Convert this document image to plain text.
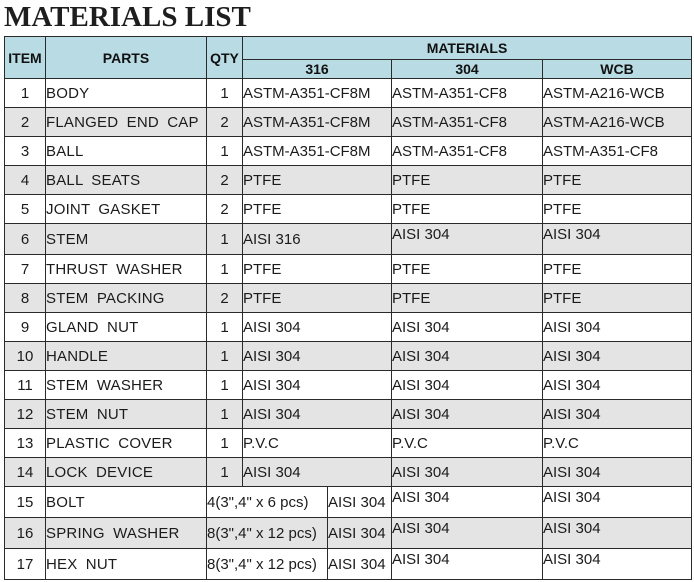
MATERIALS LIST
ITEM	PARTS	QTY	MATERIALS			
			316		304	WCB
1	BODY	1	ASTM-A351-CF8M		ASTM-A351-CF8	ASTM-A216-WCB
2	FLANGED END CAP	2	ASTM-A351-CF8M		ASTM-A351-CF8	ASTM-A216-WCB
3	BALL	1	ASTM-A351-CF8M		ASTM-A351-CF8	ASTM-A351-CF8
4	BALL SEATS	2	PTFE		PTFE	PTFE
5	JOINT GASKET	2	PTFE		PTFE	PTFE
6	STEM	1	AISI 316		AISI 304	AISI 304
7	THRUST WASHER	1	PTFE		PTFE	PTFE
8	STEM PACKING	2	PTFE		PTFE	PTFE
9	GLAND NUT	1	AISI 304		AISI 304	AISI 304
10	HANDLE	1	AISI 304		AISI 304	AISI 304
11	STEM WASHER	1	AISI 304		AISI 304	AISI 304
12	STEM NUT	1	AISI 304		AISI 304	AISI 304
13	PLASTIC COVER	1	P.V.C		P.V.C	P.V.C
14	LOCK DEVICE	1	AISI 304		AISI 304	AISI 304
15	BOLT	4(3",4" x 6 pcs)		AISI 304	AISI 304	AISI 304
16	SPRING WASHER	8(3",4" x 12 pcs)		AISI 304	AISI 304	AISI 304
17	HEX NUT	8(3",4" x 12 pcs)		AISI 304	AISI 304	AISI 304
